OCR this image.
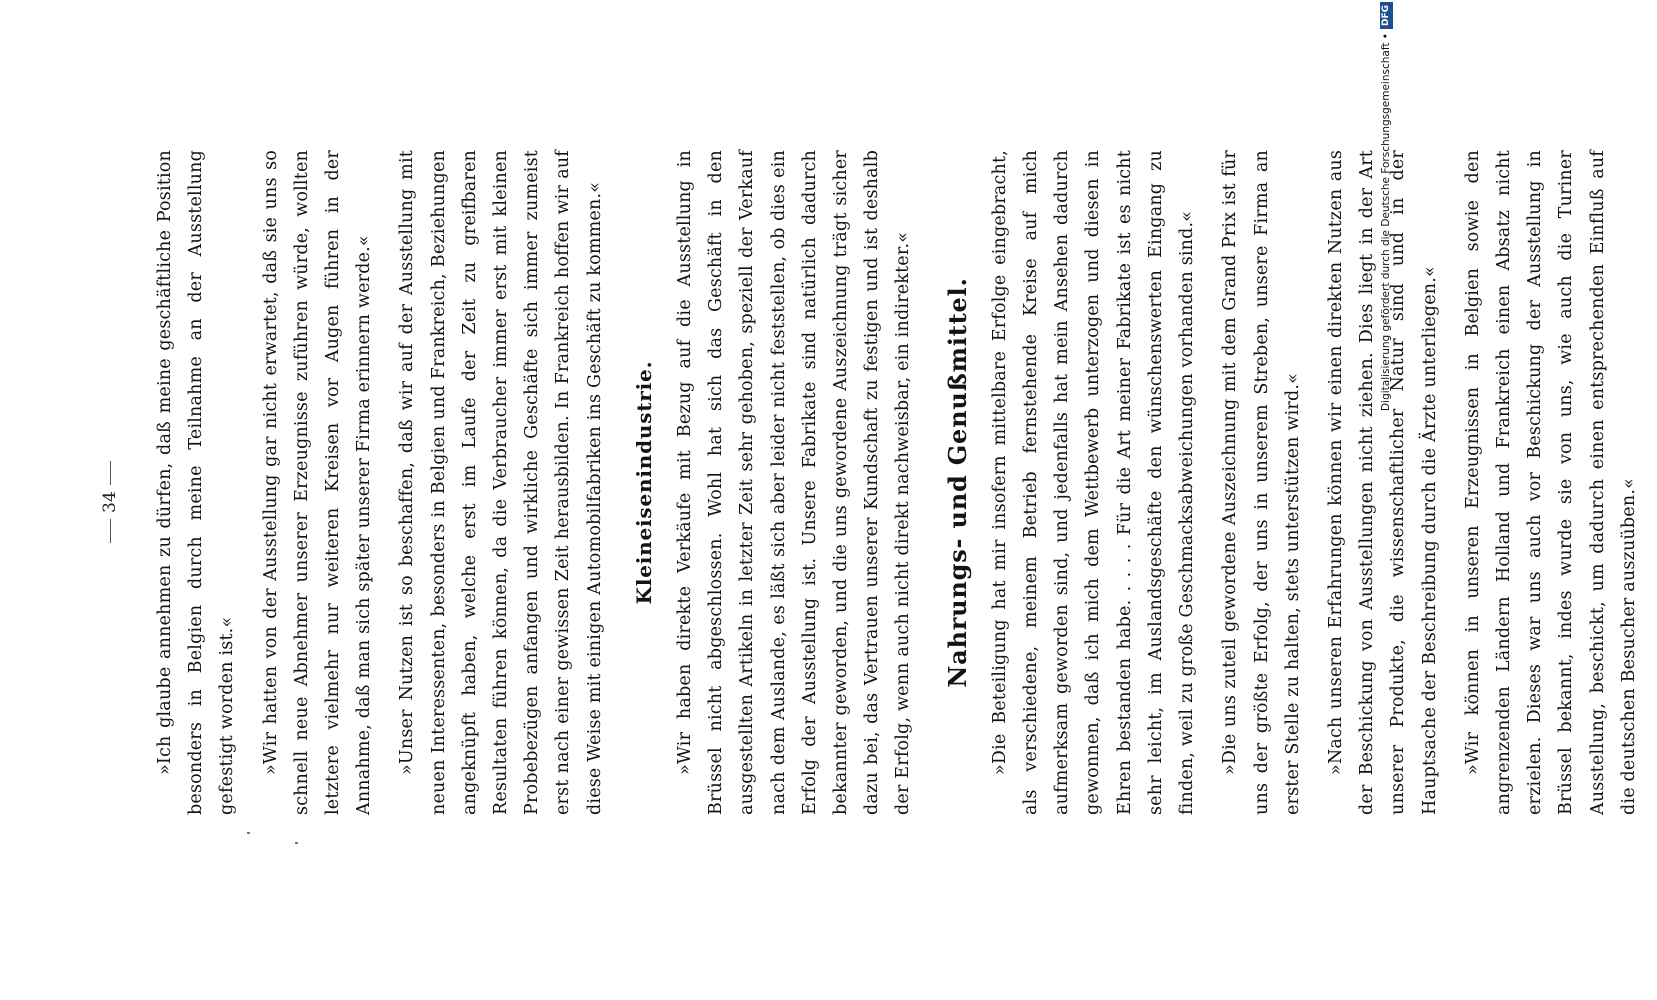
34 »Ich glaube annehmen zu dürfen, daß meine geschäftliche Position besonders in Belgien durch meine Teilnahme an der Ausstellung gefestigt worden ist.«	»Wir hatten von der Ausstellung gar nicht erwartet, daß sie uns so schnell neue Abnehmer unserer Erzeugnisse zuführen würde, wollten letztere vielmehr nur weiteren Kreisen vor Augen führen in der Annahme, daß man sich später unserer Firma erinnern werde.«	»Unser Nutzen ist so beschaffen, daß wir auf der Ausstellung mit neuen Interessenten, besonders in Belgien und Frankreich, Beziehungen angeknüpft haben, welche erst im Laufe der Zeit zu greifbaren Resultaten führen können, da die Verbraucher immer erst mit kleinen Probebezügen anfangen und wirkliche Geschäfte sich immer zumeist erst nach einer gewissen Zeit herausbilden. In Frankreich hoffen wir auf diese Weise mit einigen Automobilfabriken ins Geschäft zu kommen.«	Kleineisenindustrie. »Wir haben direkte Verkäufe mit Bezug auf die Ausstellung in Brüssel nicht abgeschlossen. Wohl hat sich das Geschäft in den ausgestellten Artikeln in letzter Zeit sehr gehoben, speziell der Verkauf nach dem Auslande, es läßt sich aber leider nicht feststellen, ob dies ein Erfolg der Ausstellung ist. Unsere Fabrikate sind natürlich dadurch bekannter geworden, und die uns gewordene Auszeichnung trägt sicher dazu bei, das Vertrauen unserer Kundschaft zu festigen und ist deshalb der Erfolg, wenn auch nicht direkt nachweisbar, ein indirekter.« Nahrungs- und Genußmittel. »Die Beteiligung hat mir insofern mittelbare Erfolge eingebracht, als verschiedene, meinem Betrieb fernstehende Kreise auf mich aufmerksam geworden sind, und jedenfalls hat mein Ansehen dadurch gewonnen, daß ich mich dem Wettbewerb unterzogen und diesen in Ehren bestanden habe. . . . . Für die Art meiner Fabrikate ist es nicht sehr leicht, im Auslandsgeschäfte den wünschenswerten Eingang zu finden, weil zu große Geschmacksabweichungen vorhanden sind.«	»Die uns zuteil gewordene Auszeichnung mit dem Grand Prix ist für uns der größte Erfolg, der uns in unserem Streben, unsere Firma an erster Stelle zu halten, stets unterstützen wird.«	»Nach unseren Erfahrungen können wir einen direkten Nutzen aus der Beschickung von Ausstellungen nicht ziehen. Dies liegt in der Art unserer Produkte, die wissenschaftlicher Natur sind und in der Hauptsache der Beschreibung durch die Ärzte unterliegen.«	»Wir können in unseren Erzeugnissen in Belgien sowie den angrenzenden Ländern Holland und Frankreich einen Absatz nicht erzielen. Dieses war uns auch vor Beschickung der Ausstellung in Brüssel bekannt, indes wurde sie von uns, wie auch die Turiner Ausstellung, beschickt, um dadurch einen entsprechenden Einfluß auf die deutschen Besucher auszuüben.«

Digitalisierung gefördert durch die Deutsche Forschungsgemeinschaft •
DFG
